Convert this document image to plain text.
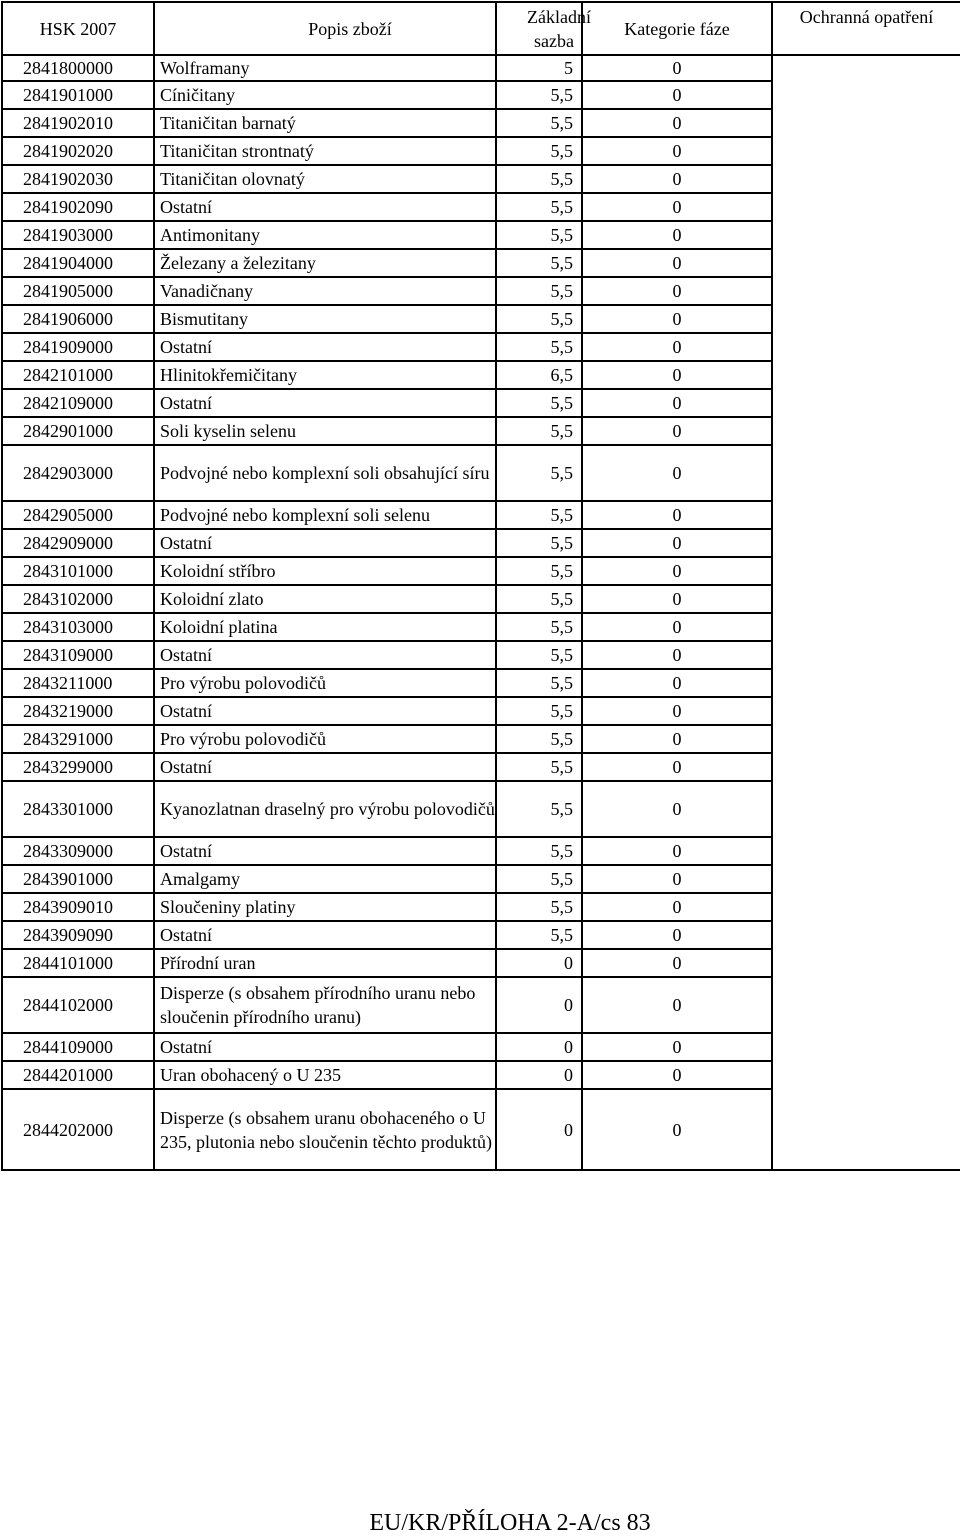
HSK 2007	Popis zboží	Základní sazba	Kategorie fáze	Ochranná opatření
2841800000	Wolframany	5	0	
2841901000	Cíničitany	5,5	0	
2841902010	Titaničitan barnatý	5,5	0	
2841902020	Titaničitan strontnatý	5,5	0	
2841902030	Titaničitan olovnatý	5,5	0	
2841902090	Ostatní	5,5	0	
2841903000	Antimonitany	5,5	0	
2841904000	Železany a železitany	5,5	0	
2841905000	Vanadičnany	5,5	0	
2841906000	Bismutitany	5,5	0	
2841909000	Ostatní	5,5	0	
2842101000	Hlinitokřemičitany	6,5	0	
2842109000	Ostatní	5,5	0	
2842901000	Soli kyselin selenu	5,5	0	
2842903000	Podvojné nebo komplexní soli obsahující síru	5,5	0	
2842905000	Podvojné nebo komplexní soli selenu	5,5	0	
2842909000	Ostatní	5,5	0	
2843101000	Koloidní stříbro	5,5	0	
2843102000	Koloidní zlato	5,5	0	
2843103000	Koloidní platina	5,5	0	
2843109000	Ostatní	5,5	0	
2843211000	Pro výrobu polovodičů	5,5	0	
2843219000	Ostatní	5,5	0	
2843291000	Pro výrobu polovodičů	5,5	0	
2843299000	Ostatní	5,5	0	
2843301000	Kyanozlatnan draselný pro výrobu polovodičů	5,5	0	
2843309000	Ostatní	5,5	0	
2843901000	Amalgamy	5,5	0	
2843909010	Sloučeniny platiny	5,5	0	
2843909090	Ostatní	5,5	0	
2844101000	Přírodní uran	0	0	
2844102000	Disperze (s obsahem přírodního uranu nebo sloučenin přírodního uranu)	0	0	
2844109000	Ostatní	0	0	
2844201000	Uran obohacený o U 235	0	0	
2844202000	Disperze (s obsahem uranu obohaceného o U 235, plutonia nebo sloučenin těchto produktů)	0	0	
EU/KR/PŘÍLOHA 2-A/cs 83
